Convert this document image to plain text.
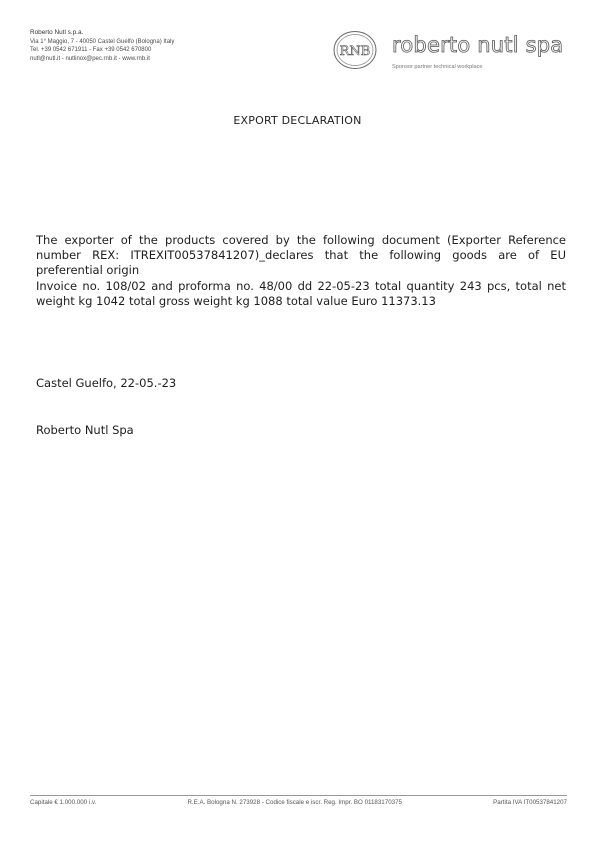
Roberto Nutl s.p.a.
Via 1° Maggio, 7 - 40050 Castel Guelfo (Bologna) Italy
Tel. +39 0542 671911 - Fax +39 0542 670800
nutl@nutl.it - nutlinox@pec.rnb.it - www.rnb.it	RNB roberto nutl spa
Sponsor partner technical workplace
EXPORT DECLARATION

The exporter of the products covered by the following document (Exporter Reference number REX: ITREXIT00537841207)_declares that the following goods are of EU preferential origin

Invoice no. 108/02 and proforma no. 48/00 dd 22-05-23 total quantity 243 pcs, total net weight kg 1042 total gross weight kg 1088 total value Euro 11373.13

Castel Guelfo, 22-05.-23
Roberto Nutl Spa
Capitale € 1.000.000 i.v.	R.E.A. Bologna N. 273928 - Codice fiscale e iscr. Reg. Impr. BO 01183170375	Partita IVA IT00537841207
